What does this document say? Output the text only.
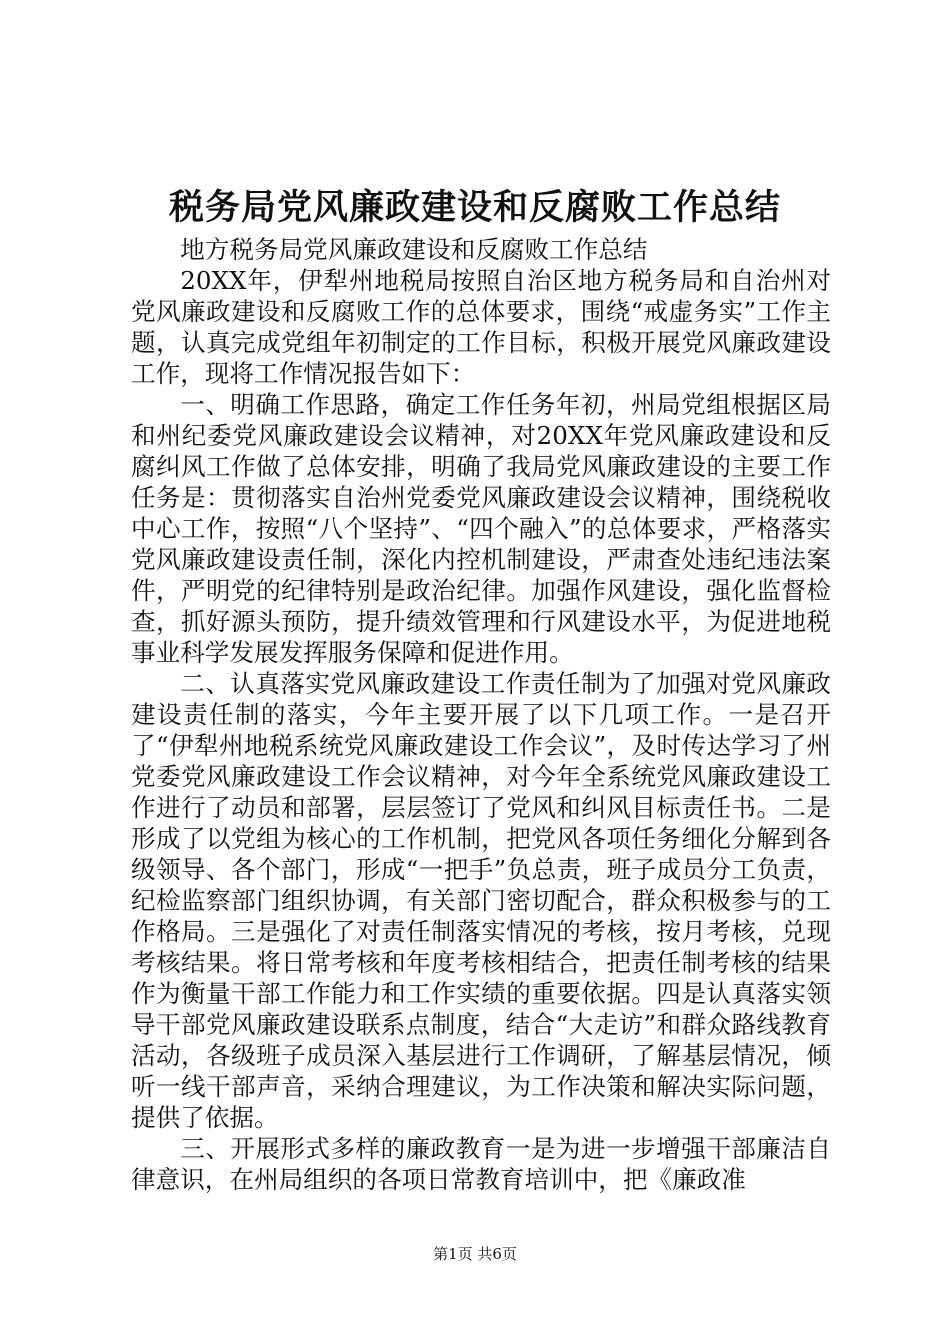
税务局党风廉政建设和反腐败工作总结

地方税务局党风廉政建设和反腐败工作总结

20XX年，伊犁州地税局按照自治区地方税务局和自治州对党风廉政建设和反腐败工作的总体要求，围绕“戒虚务实”工作主题，认真完成党组年初制定的工作目标，积极开展党风廉政建设工作，现将工作情况报告如下：

一、明确工作思路，确定工作任务年初，州局党组根据区局和州纪委党风廉政建设会议精神，对20XX年党风廉政建设和反腐纠风工作做了总体安排，明确了我局党风廉政建设的主要工作任务是：贯彻落实自治州党委党风廉政建设会议精神，围绕税收中心工作，按照“八个坚持”、“四个融入”的总体要求，严格落实党风廉政建设责任制，深化内控机制建设，严肃查处违纪违法案件，严明党的纪律特别是政治纪律。加强作风建设，强化监督检查，抓好源头预防，提升绩效管理和行风建设水平，为促进地税事业科学发展发挥服务保障和促进作用。

二、认真落实党风廉政建设工作责任制为了加强对党风廉政建设责任制的落实，今年主要开展了以下几项工作。一是召开了“伊犁州地税系统党风廉政建设工作会议”，及时传达学习了州党委党风廉政建设工作会议精神，对今年全系统党风廉政建设工作进行了动员和部署，层层签订了党风和纠风目标责任书。二是形成了以党组为核心的工作机制，把党风各项任务细化分解到各级领导、各个部门，形成“一把手”负总责，班子成员分工负责，纪检监察部门组织协调，有关部门密切配合，群众积极参与的工作格局。三是强化了对责任制落实情况的考核，按月考核，兑现考核结果。将日常考核和年度考核相结合，把责任制考核的结果作为衡量干部工作能力和工作实绩的重要依据。四是认真落实领导干部党风廉政建设联系点制度，结合“大走访”和群众路线教育活动，各级班子成员深入基层进行工作调研，了解基层情况，倾听一线干部声音，采纳合理建议，为工作决策和解决实际问题，提供了依据。

三、开展形式多样的廉政教育一是为进一步增强干部廉洁自律意识，在州局组织的各项日常教育培训中，把《廉政准

第1页 共6页
